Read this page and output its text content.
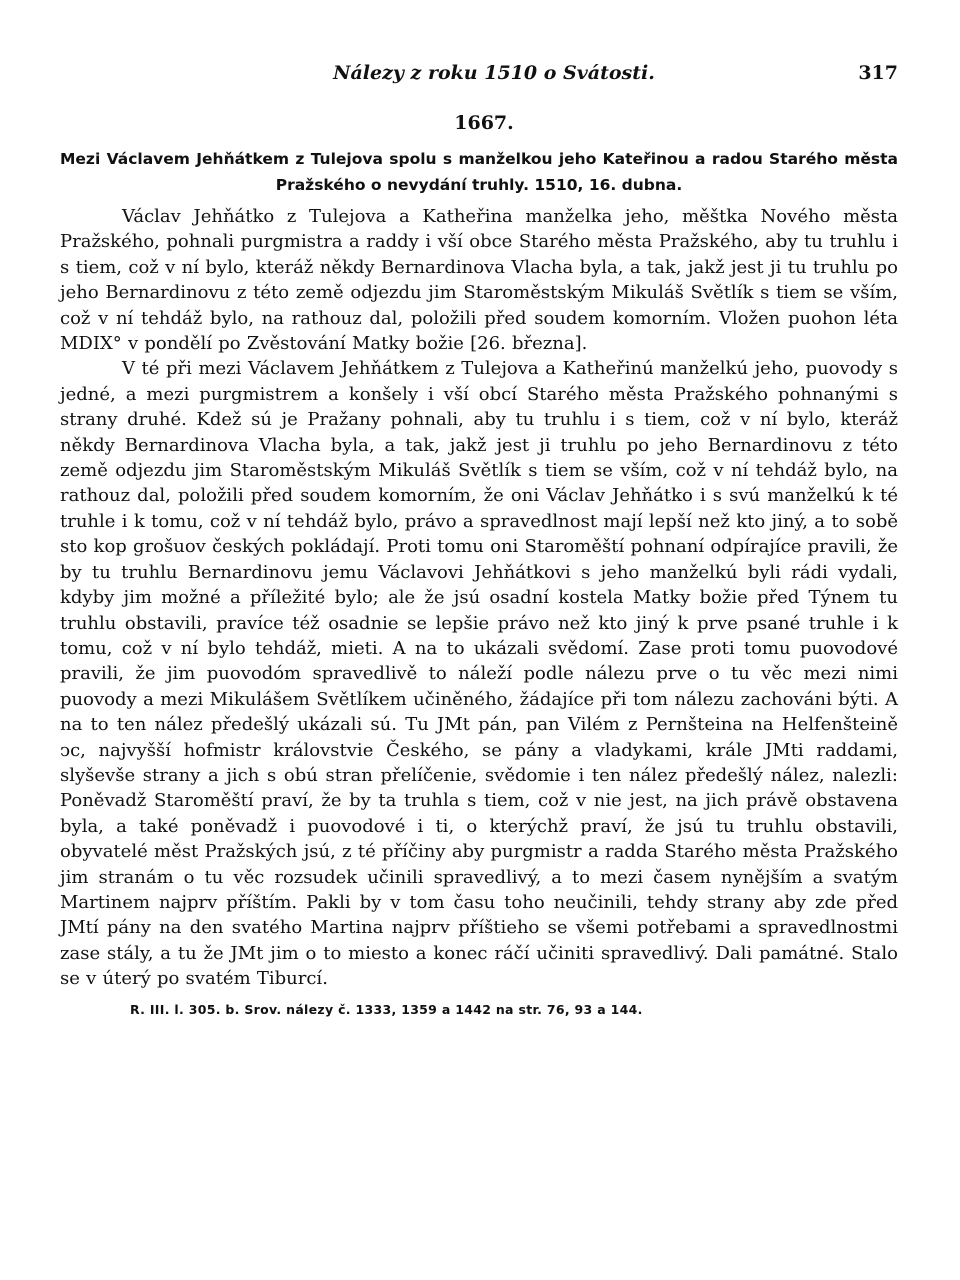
Nálezy z roku 1510 o Svátosti.	317
1667.
Mezi Václavem Jehňátkem z Tulejova spolu s manželkou jeho Kateřinou a radou Starého města Pražského o nevydání truhly. 1510, 16. dubna.

Václav Jehňátko z Tulejova a Katheřina manželka jeho, měštka Nového města Pražského, pohnali purgmistra a raddy i vší obce Starého města Pražského, aby tu truhlu i s tiem, což v ní bylo, kteráž někdy Bernardinova Vlacha byla, a tak, jakž jest ji tu truhlu po jeho Bernardinovu z této země odjezdu jim Staroměstským Mikuláš Světlík s tiem se vším, což v ní tehdáž bylo, na rathouz dal, položili před soudem komorním. Vložen puohon léta MDIX° v pondělí po Zvěstování Matky božie [26. března].

V té při mezi Václavem Jehňátkem z Tulejova a Katheřinú manželkú jeho, puovody s jedné, a mezi purgmistrem a konšely i vší obcí Starého města Pražského pohnanými s strany druhé. Kdež sú je Pražany pohnali, aby tu truhlu i s tiem, což v ní bylo, kteráž někdy Bernardinova Vlacha byla, a tak, jakž jest ji truhlu po jeho Bernardinovu z této země odjezdu jim Staroměstským Mikuláš Světlík s tiem se vším, což v ní tehdáž bylo, na rathouz dal, položili před soudem komorním, že oni Václav Jehňátko i s svú manželkú k té truhle i k tomu, což v ní tehdáž bylo, právo a spravedlnost mají lepší než kto jiný, a to sobě sto kop grošuov českých pokládají. Proti tomu oni Staroměští pohnaní odpírajíce pravili, že by tu truhlu Bernardinovu jemu Václavovi Jehňátkovi s jeho manželkú byli rádi vydali, kdyby jim možné a příležité bylo; ale že jsú osadní kostela Matky božie před Týnem tu truhlu obstavili, pravíce též osadnie se lepšie právo než kto jiný k prve psané truhle i k tomu, což v ní bylo tehdáž, mieti. A na to ukázali svědomí. Zase proti tomu puovodové pravili, že jim puovodóm spravedlivě to náleží podle nálezu prve o tu věc mezi nimi puovody a mezi Mikulášem Světlíkem učiněného, žádajíce při tom nálezu zachováni býti. A na to ten nález předešlý ukázali sú. Tu JMt pán, pan Vilém z Pernšteina na Helfenšteině ͻc, najvyšší hofmistr královstvie Českého, se pány a vladykami, krále JMti raddami, slyševše strany a jich s obú stran přelíčenie, svědomie i ten nález předešlý nález, nalezli: Poněvadž Staroměští praví, že by ta truhla s tiem, což v nie jest, na jich právě obstavena byla, a také poněvadž i puovodové i ti, o kterýchž praví, že jsú tu truhlu obstavili, obyvatelé měst Pražských jsú, z té příčiny aby purgmistr a radda Starého města Pražského jim stranám o tu věc rozsudek učinili spravedlivý, a to mezi časem nynějším a svatým Martinem najprv příštím. Pakli by v tom času toho neučinili, tehdy strany aby zde před JMtí pány na den svatého Martina najprv příštieho se všemi potřebami a spravedlnostmi zase stály, a tu že JMt jim o to miesto a konec ráčí učiniti spravedlivý. Dali památné. Stalo se v úterý po svatém Tiburcí.

R. III. l. 305. b. Srov. nálezy č. 1333, 1359 a 1442 na str. 76, 93 a 144.
